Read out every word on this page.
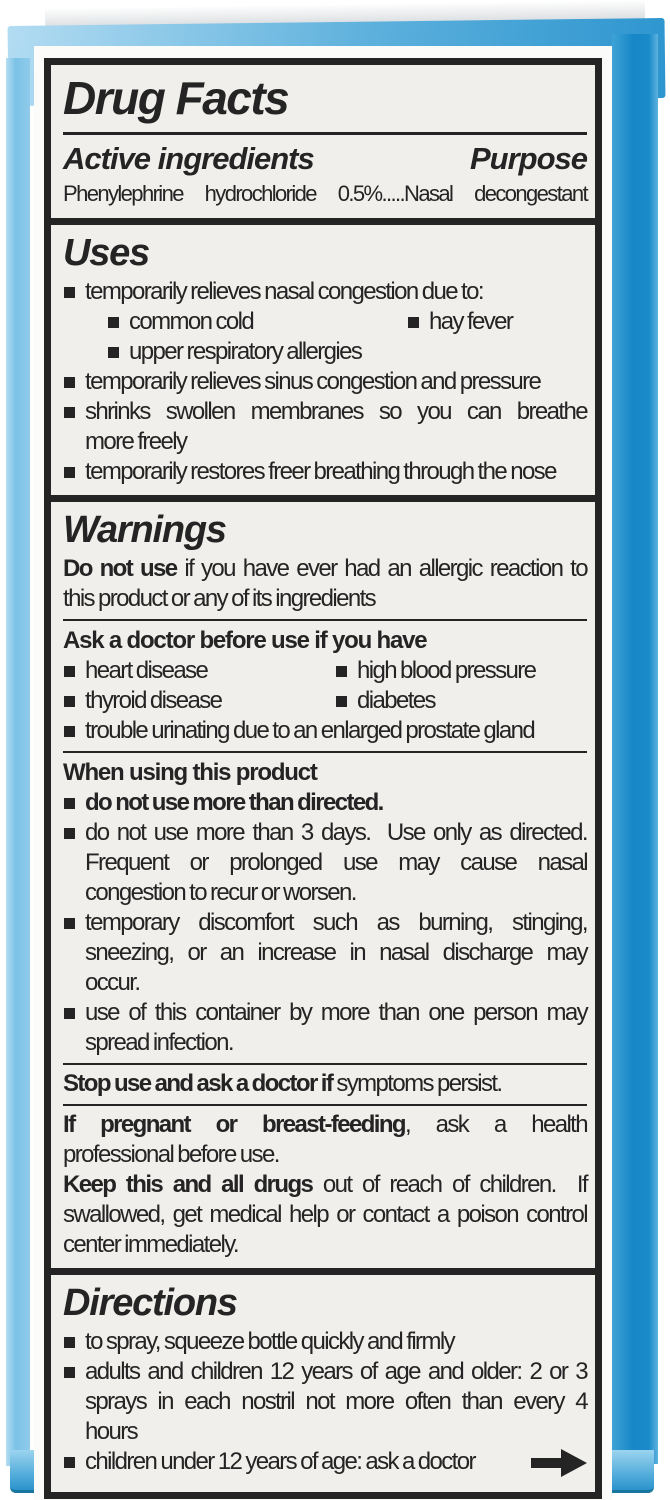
Drug Facts
Active ingredients	Purpose
Phenylephrine hydrochloride 0.5%.....Nasal decongestant
Uses
temporarily relieves nasal congestion due to:
common cold	hay fever
upper respiratory allergies
temporarily relieves sinus congestion and pressure
shrinks swollen membranes so you can breathe
more freely
temporarily restores freer breathing through the nose
Warnings
Do not use if you have ever had an allergic reaction to
this product or any of its ingredients
Ask a doctor before use if you have
heart disease	high blood pressure
thyroid disease	diabetes
trouble urinating due to an enlarged prostate gland
When using this product
do not use more than directed.
do not use more than 3 days.  Use only as directed.
Frequent or prolonged use may cause nasal
congestion to recur or worsen.
temporary discomfort such as burning, stinging,
sneezing, or an increase in nasal discharge may
occur.
use of this container by more than one person may
spread infection.
Stop use and ask a doctor if symptoms persist.
If pregnant or breast-feeding, ask a health
professional before use.
Keep this and all drugs out of reach of children.  If
swallowed, get medical help or contact a poison control
center immediately.
Directions
to spray, squeeze bottle quickly and firmly
adults and children 12 years of age and older: 2 or 3
sprays in each nostril not more often than every 4
hours
children under 12 years of age: ask a doctor
